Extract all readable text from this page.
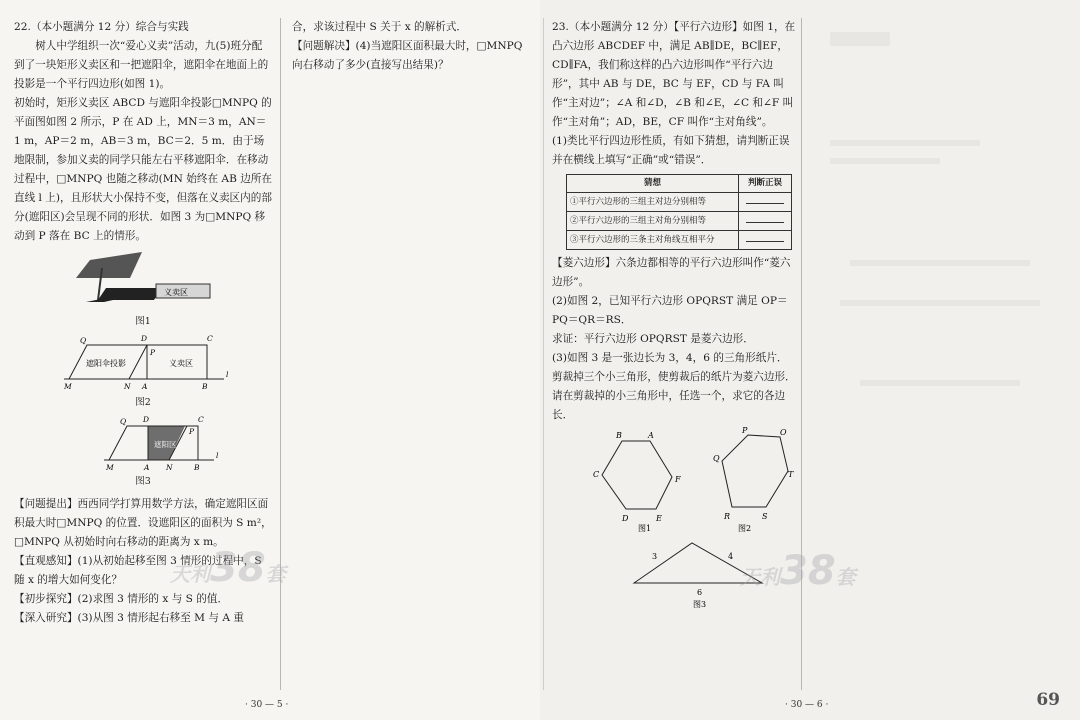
22.（本小题满分 12 分）综合与实践

树人中学组织一次“爱心义卖”活动，九(5)班分配到了一块矩形义卖区和一把遮阳伞，遮阳伞在地面上的投影是一个平行四边形(如图 1)。

初始时，矩形义卖区 ABCD 与遮阳伞投影□MNPQ 的平面图如图 2 所示，P 在 AD 上，MN＝3 m，AN＝1 m，AP＝2 m，AB＝3 m，BC＝2．5 m．由于场地限制，参加义卖的同学只能左右平移遮阳伞．在移动过程中，□MNPQ 也随之移动(MN 始终在 AB 边所在直线 l 上)，且形状大小保持不变，但落在义卖区内的部分(遮阳区)会呈现不同的形状．如图 3 为□MNPQ 移动到 P 落在 BC 上的情形。

义卖区

图1

遮阳伞投影	义卖区
Q	D	C
P
M	N A	B
l

图2

遮阳区
Q D	C
P
M	A N	B
l

图3

【问题提出】西西同学打算用数学方法，确定遮阳区面积最大时□MNPQ 的位置．设遮阳区的面积为 S m²，□MNPQ 从初始时向右移动的距离为 x m。

【直观感知】(1)从初始起移至图 3 情形的过程中，S 随 x 的增大如何变化？

【初步探究】(2)求图 3 情形的 x 与 S 的值．

【深入研究】(3)从图 3 情形起右移至 M 与 A 重

合，求该过程中 S 关于 x 的解析式．

【问题解决】(4)当遮阳区面积最大时，□MNPQ 向右移动了多少(直接写出结果)？

23.（本小题满分 12 分）【平行六边形】如图 1，在凸六边形 ABCDEF 中，满足 AB∥DE，BC∥EF，CD∥FA，我们称这样的凸六边形叫作“平行六边形”，其中 AB 与 DE，BC 与 EF，CD 与 FA 叫作“主对边”；∠A 和∠D，∠B 和∠E，∠C 和∠F 叫作“主对角”；AD，BE，CF 叫作“主对角线”。

(1)类比平行四边形性质，有如下猜想，请判断正误并在横线上填写“正确”或“错误”．

猜想	判断正误
①平行六边形的三组主对边分别相等	
②平行六边形的三组主对角分别相等	
③平行六边形的三条主对角线互相平分	

【菱六边形】六条边都相等的平行六边形叫作“菱六边形”。

(2)如图 2，已知平行六边形 OPQRST 满足 OP＝PQ＝QR＝RS．

求证：平行六边形 OPQRST 是菱六边形．

(3)如图 3 是一张边长为 3，4，6 的三角形纸片．剪裁掉三个小三角形，使剪裁后的纸片为菱六边形．请在剪裁掉的小三角形中，任选一个，求它的各边长．

B	A
C
F
D	E
图1
P	O
Q
T
R	S
图2
3	4
6
图3
天利38套	天利38套
· 30 — 5 ·	· 30 — 6 ·	69
